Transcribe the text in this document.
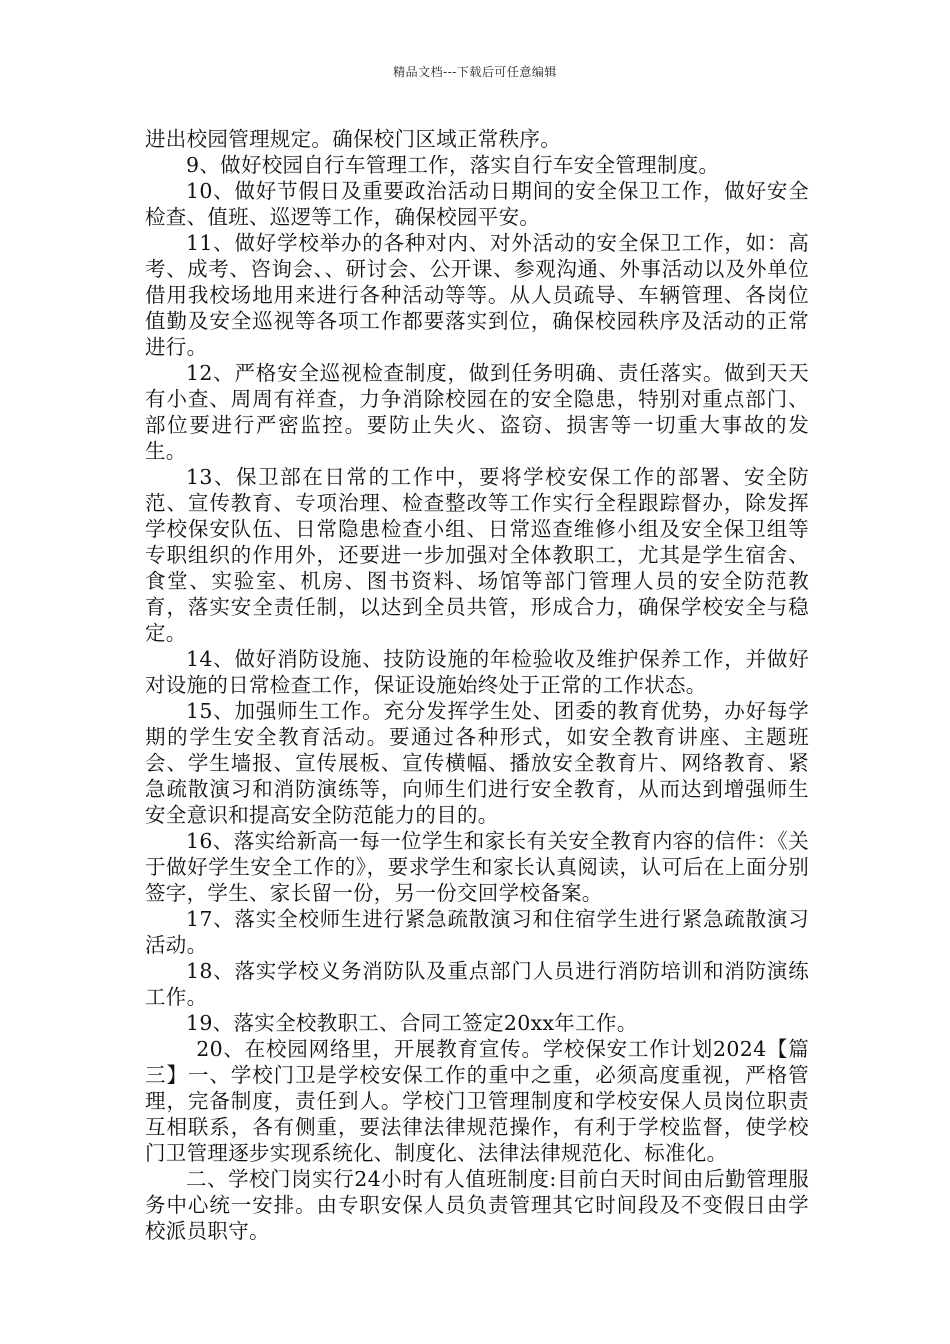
精品文档---下载后可任意编辑

进出校园管理规定。确保校门区域正常秩序。

9、做好校园自行车管理工作，落实自行车安全管理制度。

10、做好节假日及重要政治活动日期间的安全保卫工作，做好安全检查、值班、巡逻等工作，确保校园平安。

11、做好学校举办的各种对内、对外活动的安全保卫工作，如：高考、成考、咨询会、、研讨会、公开课、参观沟通、外事活动以及外单位借用我校场地用来进行各种活动等等。从人员疏导、车辆管理、各岗位值勤及安全巡视等各项工作都要落实到位，确保校园秩序及活动的正常进行。

12、严格安全巡视检查制度，做到任务明确、责任落实。做到天天有小查、周周有祥查，力争消除校园在的安全隐患，特别对重点部门、部位要进行严密监控。要防止失火、盗窃、损害等一切重大事故的发生。

13、保卫部在日常的工作中，要将学校安保工作的部署、安全防范、宣传教育、专项治理、检查整改等工作实行全程跟踪督办，除发挥学校保安队伍、日常隐患检查小组、日常巡查维修小组及安全保卫组等专职组织的作用外，还要进一步加强对全体教职工，尤其是学生宿舍、食堂、实验室、机房、图书资料、场馆等部门管理人员的安全防范教育，落实安全责任制，以达到全员共管，形成合力，确保学校安全与稳定。

14、做好消防设施、技防设施的年检验收及维护保养工作，并做好对设施的日常检查工作，保证设施始终处于正常的工作状态。

15、加强师生工作。充分发挥学生处、团委的教育优势，办好每学期的学生安全教育活动。要通过各种形式，如安全教育讲座、主题班会、学生墙报、宣传展板、宣传横幅、播放安全教育片、网络教育、紧急疏散演习和消防演练等，向师生们进行安全教育，从而达到增强师生安全意识和提高安全防范能力的目的。

16、落实给新高一每一位学生和家长有关安全教育内容的信件：《关于做好学生安全工作的》，要求学生和家长认真阅读，认可后在上面分别签字，学生、家长留一份，另一份交回学校备案。

17、落实全校师生进行紧急疏散演习和住宿学生进行紧急疏散演习活动。

18、落实学校义务消防队及重点部门人员进行消防培训和消防演练工作。

19、落实全校教职工、合同工签定20xx年工作。

20、在校园网络里，开展教育宣传。学校保安工作计划2024【篇三】一、学校门卫是学校安保工作的重中之重，必须高度重视，严格管理，完备制度，责任到人。学校门卫管理制度和学校安保人员岗位职责互相联系，各有侧重，要法律法律规范操作，有利于学校监督，使学校门卫管理逐步实现系统化、制度化、法律法律规范化、标准化。

二、学校门岗实行24小时有人值班制度:目前白天时间由后勤管理服务中心统一安排。由专职安保人员负责管理其它时间段及不变假日由学校派员职守。
